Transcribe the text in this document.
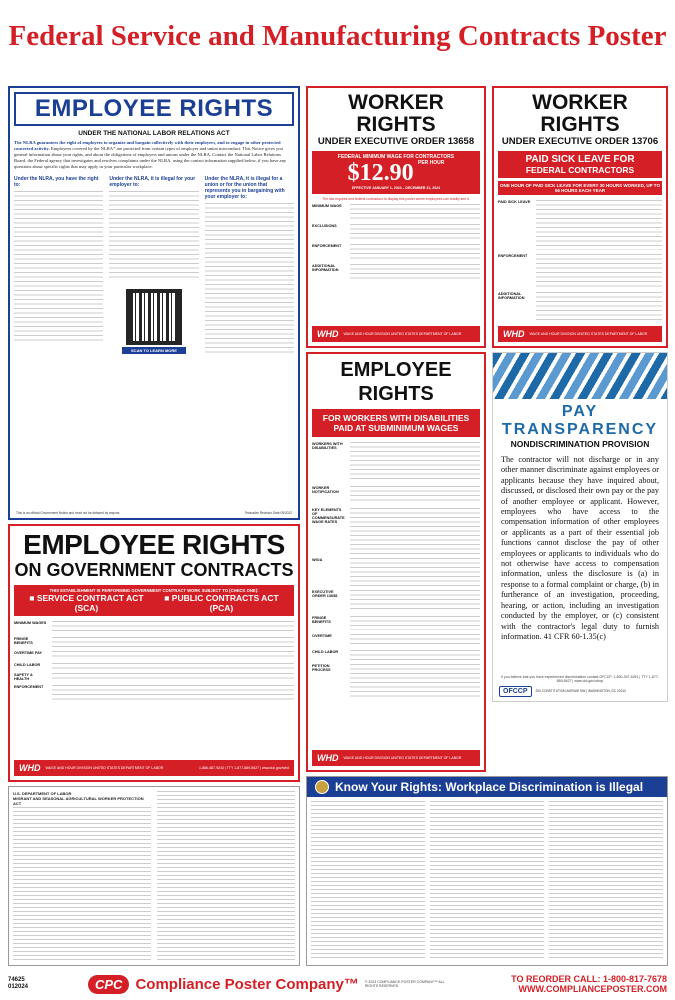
Federal Service and Manufacturing Contracts Poster
EMPLOYEE RIGHTS
UNDER THE NATIONAL LABOR RELATIONS ACT
The NLRA guarantees the right of employees to organize and bargain collectively with their employers, and to engage in other protected concerted activity. Employees covered by the NLRA* are protected from certain types of employer and union misconduct. This Notice gives you general information about your rights, and about the obligations of employers and unions under the NLRA. Contact the National Labor Relations Board, the Federal agency that investigates and resolves complaints under the NLRA, using the contact information supplied below, if you have any questions about specific rights that may apply in your particular workplace.
Under the NLRA, you have the right to:
Under the NLRA, it is illegal for your employer to:
SCAN TO LEARN MORE
Under the NLRA, it is illegal for a union or for the union that represents you in bargaining with your employer to:
This is an official Government Notice and must not be defaced by anyone.	Textualize Revision Date 05/2022
WORKER RIGHTS
UNDER EXECUTIVE ORDER 13658
FEDERAL MINIMUM WAGE FOR CONTRACTORS
$12.90 $^{PER HOUR}$
EFFECTIVE JANUARY 1, 2024 – DECEMBER 31, 2024
The law requires and federal contractors to display this poster where employees can readily see it.
MINIMUM WAGE
EXCLUSIONS
ENFORCEMENT
ADDITIONAL INFORMATION
WHD WAGE AND HOUR DIVISION UNITED STATES DEPARTMENT OF LABOR
WORKER RIGHTS
UNDER EXECUTIVE ORDER 13706
PAID SICK LEAVE FOR
FEDERAL CONTRACTORS
ONE HOUR OF PAID SICK LEAVE FOR EVERY 30 HOURS WORKED, UP TO 56 HOURS EACH YEAR
PAID SICK LEAVE
ENFORCEMENT
ADDITIONAL INFORMATION
WHD WAGE AND HOUR DIVISION UNITED STATES DEPARTMENT OF LABOR
EMPLOYEE RIGHTS
FOR WORKERS WITH DISABILITIES
PAID AT SUBMINIMUM WAGES
WORKERS WITH DISABILITIES
WORKER NOTIFICATION
KEY ELEMENTS OF COMMENSURATE WAGE RATES
WIOA
EXECUTIVE ORDER 13658
FRINGE BENEFITS
OVERTIME
CHILD LABOR
PETITION PROCESS
WHD WAGE AND HOUR DIVISION UNITED STATES DEPARTMENT OF LABOR
PAY TRANSPARENCY
NONDISCRIMINATION PROVISION
The contractor will not discharge or in any other manner discriminate against employees or applicants because they have inquired about, discussed, or disclosed their own pay or the pay of another employee or applicant. However, employees who have access to the compensation information of other employees or applicants as a part of their essential job functions cannot disclose the pay of other employees or applicants to individuals who do not otherwise have access to compensation information, unless the disclosure is (a) in response to a formal complaint or charge, (b) in furtherance of an investigation, proceeding, hearing, or action, including an investigation conducted by the employer, or (c) consistent with the contractor's legal duty to furnish information. 41 CFR 60-1.35(c)
If you believe that you have experienced discrimination contact OFCCP: 1-800-397-6251 | TTY 1-877-889-5627 | www.dol.gov/ofccp
OFCCP	200 CONSTITUTION AVENUE NW | WASHINGTON, DC 20210
EMPLOYEE RIGHTS
ON GOVERNMENT CONTRACTS
THIS ESTABLISHMENT IS PERFORMING GOVERNMENT CONTRACT WORK SUBJECT TO (CHECK ONE):
■ SERVICE CONTRACT ACT (SCA)
■ PUBLIC CONTRACTS ACT (PCA)
MINIMUM WAGES
FRINGE BENEFITS
OVERTIME PAY
CHILD LABOR
SAFETY & HEALTH
ENFORCEMENT
WHD WAGE AND HOUR DIVISION UNITED STATES DEPARTMENT OF LABOR	1-866-487-9243 | TTY 1-877-889-5627 | www.dol.gov/whd
Know Your Rights: Workplace Discrimination is Illegal
U.S. DEPARTMENT OF LABOR
MIGRANT AND SEASONAL AGRICULTURAL WORKER PROTECTION ACT
74625
012024	CPC Compliance Poster Company™ © 2023 COMPLIANCE POSTER COMPANY™ ALL RIGHTS RESERVED
TO REORDER CALL: 1-800-817-7678
WWW.COMPLIANCEPOSTER.COM
